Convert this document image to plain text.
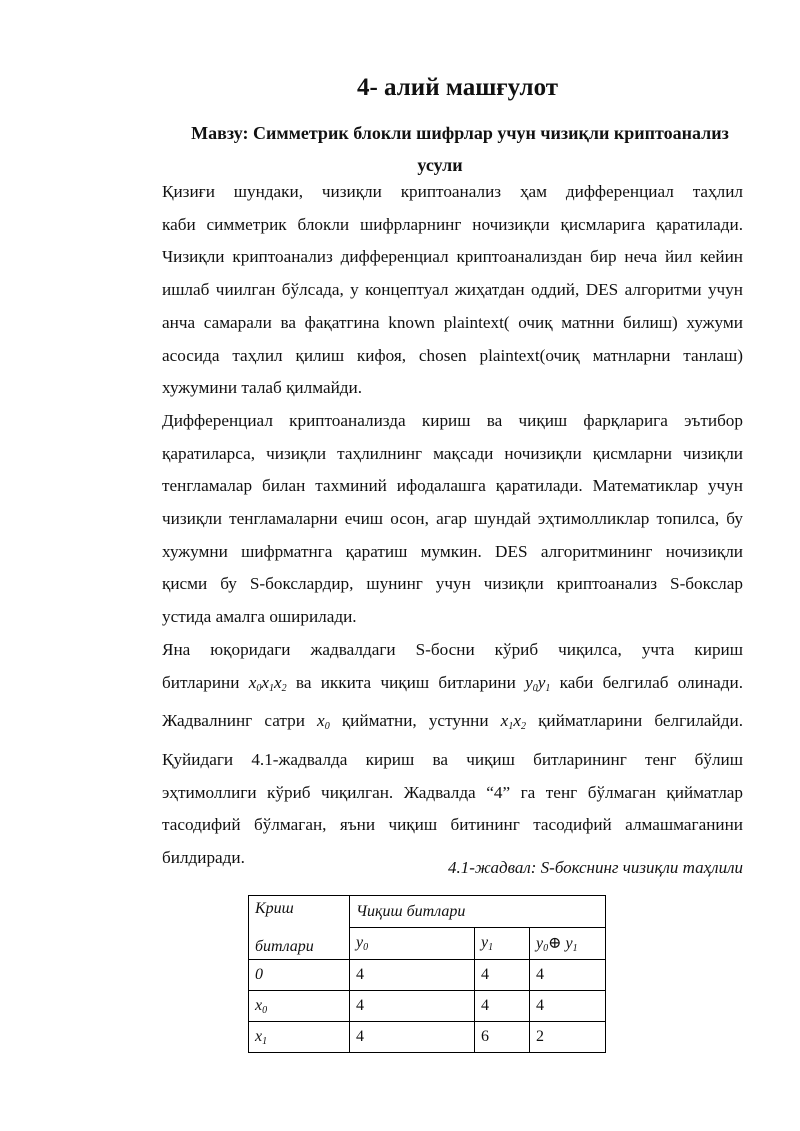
4- алий машғулот
Мавзу: Симметрик блокли шифрлар учун чизиқли криптоанализ
усули

Қизиғи шундаки, чизиқли криптоанализ ҳам дифференциал таҳлил
каби симметрик блокли шифрларнинг ночизиқли қисмларига қаратилади.
Чизиқли криптоанализ дифференциал криптоанализдан бир неча йил кейин
ишлаб чиилган бўлсада, у концептуал жиҳатдан оддий, DES алгоритми учун
анча самарали ва фақатгина known plaintext( очиқ матнни билиш) хужуми
асосида таҳлил қилиш кифоя, chosen plaintext(очиқ матнларни танлаш)
хужумини талаб қилмайди.

Дифференциал криптоанализда кириш ва чиқиш фарқларига эътибор
қаратиларса, чизиқли таҳлилнинг мақсади ночизиқли қисмларни чизиқли
тенгламалар билан тахминий ифодалашга қаратилади. Математиклар учун
чизиқли тенгламаларни ечиш осон, агар шундай эҳтимолликлар топилса, бу
хужумни шифрматнга қаратиш мумкин. DES алгоритмининг ночизиқли
қисми бу S-бокслардир, шунинг учун чизиқли криптоанализ S-бокслар
устида амалга оширилади.

Яна юқоридаги жадвалдаги S-босни кўриб чиқилса, учта кириш
битларини $x_0x_1x_2$ ва иккита чиқиш битларини $y_0y_1$ каби белгилаб олинади.
Жадвалнинг сатри $x_0$ қийматни, устунни $x_1x_2$ қийматларини белгилайди.
Қуйидаги 4.1-жадвалда кириш ва чиқиш битларининг тенг бўлиш
эҳтимоллиги кўриб чиқилган. Жадвалда “4” га тенг бўлмаган қийматлар
тасодифий бўлмаган, яъни чиқиш битининг тасодифий алмашмаганини
билдиради.

4.1-жадвал: S-бокснинг чизиқли таҳлили
Криш
битлари	Чиқиш битлари		
	$y_0$	$y_1$	$y_0\oplus$ $y_1$
0	4	4	4
$x_0$	4	4	4
$x_1$	4	6	2
